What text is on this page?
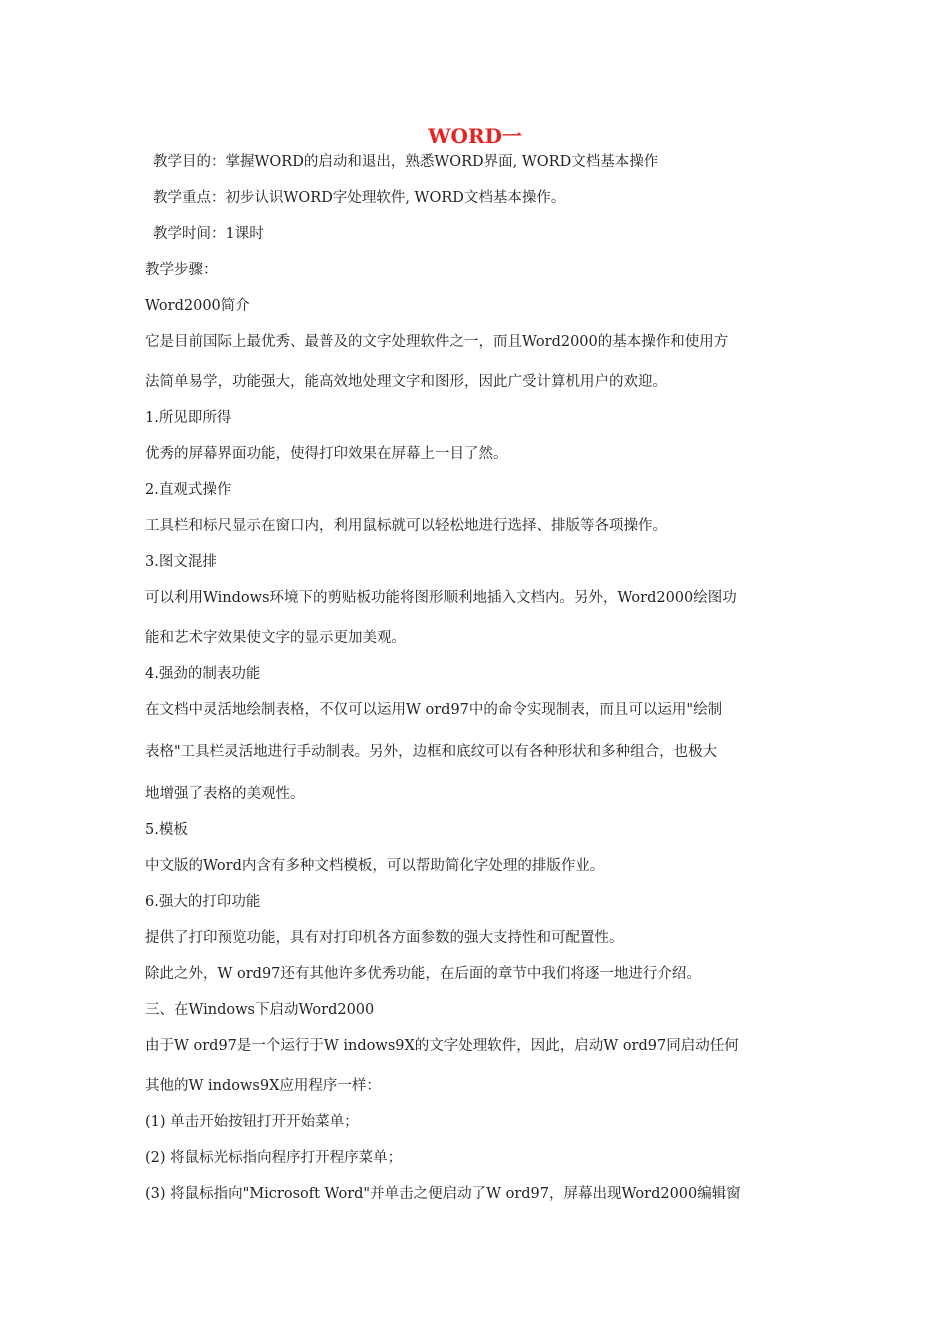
WORD一
教学目的：掌握WORD的启动和退出，熟悉WORD界面, WORD文档基本操作
教学重点：初步认识WORD字处理软件, WORD文档基本操作。
教学时间：1课时
教学步骤：
Word2000简介
它是目前国际上最优秀、最普及的文字处理软件之一，而且Word2000的基本操作和使用方
法简单易学，功能强大，能高效地处理文字和图形，因此广受计算机用户的欢迎。
1.所见即所得
优秀的屏幕界面功能，使得打印效果在屏幕上一目了然。
2.直观式操作
工具栏和标尺显示在窗口内，利用鼠标就可以轻松地进行选择、排版等各项操作。
3.图文混排
可以利用Windows环境下的剪贴板功能将图形顺利地插入文档内。另外，Word2000绘图功
能和艺术字效果使文字的显示更加美观。
4.强劲的制表功能
在文档中灵活地绘制表格，不仅可以运用W ord97中的命令实现制表，而且可以运用"绘制
表格"工具栏灵活地进行手动制表。另外，边框和底纹可以有各种形状和多种组合，也极大
地增强了表格的美观性。
5.模板
中文版的Word内含有多种文档模板，可以帮助简化字处理的排版作业。
6.强大的打印功能
提供了打印预览功能，具有对打印机各方面参数的强大支持性和可配置性。
除此之外，W ord97还有其他许多优秀功能，在后面的章节中我们将逐一地进行介绍。
三、在Windows下启动Word2000
由于W ord97是一个运行于W indows9X的文字处理软件，因此，启动W ord97同启动任何
其他的W indows9X应用程序一样：
(1) 单击开始按钮打开开始菜单；
(2) 将鼠标光标指向程序打开程序菜单；
(3) 将鼠标指向"Microsoft Word"并单击之便启动了W ord97，屏幕出现Word2000编辑窗
